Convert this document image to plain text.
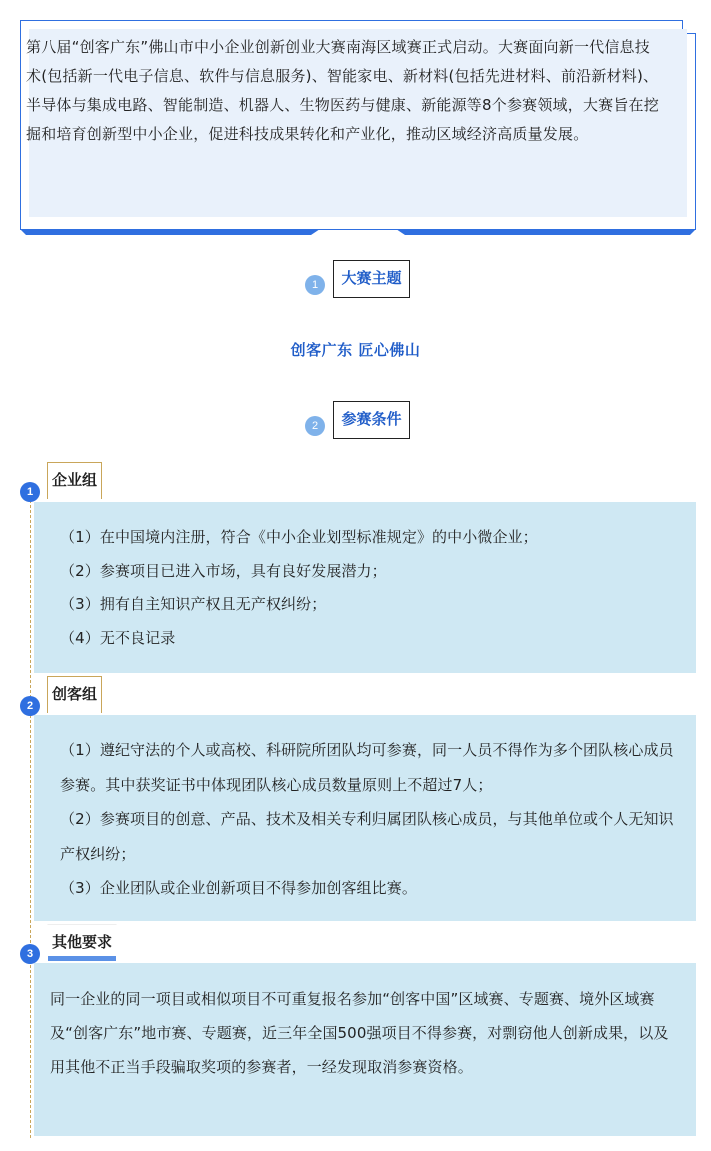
第八届“创客广东”佛山市中小企业创新创业大赛南海区域赛正式启动。大赛面向新一代信息技术(包括新一代电子信息、软件与信息服务)、智能家电、新材料(包括先进材料、前沿新材料)、半导体与集成电路、智能制造、机器人、生物医药与健康、新能源等8个参赛领域，大赛旨在挖掘和培育创新型中小企业，促进科技成果转化和产业化，推动区域经济高质量发展。

1	大赛主题
创客广东 匠心佛山
2	参赛条件
1
企业组

（1）在中国境内注册，符合《中小企业划型标准规定》的中小微企业；

（2）参赛项目已进入市场，具有良好发展潜力；

（3）拥有自主知识产权且无产权纠纷；

（4）无不良记录

2
创客组

（1）遵纪守法的个人或高校、科研院所团队均可参赛，同一人员不得作为多个团队核心成员参赛。其中获奖证书中体现团队核心成员数量原则上不超过7人；

（2）参赛项目的创意、产品、技术及相关专利归属团队核心成员，与其他单位或个人无知识产权纠纷；

（3）企业团队或企业创新项目不得参加创客组比赛。

3
其他要求

同一企业的同一项目或相似项目不可重复报名参加“创客中国”区域赛、专题赛、境外区域赛及“创客广东”地市赛、专题赛，近三年全国500强项目不得参赛，对剽窃他人创新成果，以及用其他不正当手段骗取奖项的参赛者，一经发现取消参赛资格。
